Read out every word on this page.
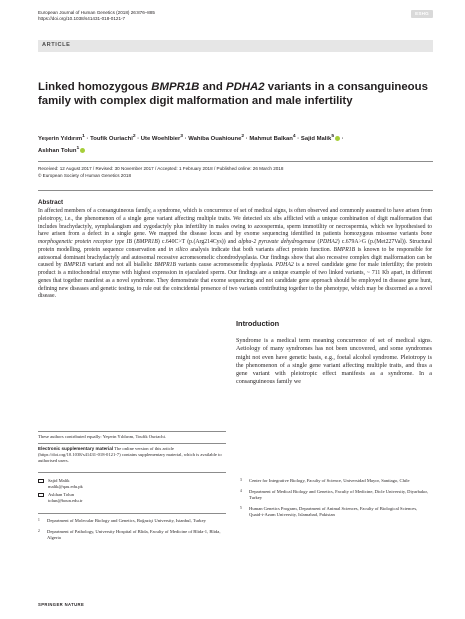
European Journal of Human Genetics (2018) 26:876–885
https://doi.org/10.1038/s41431-018-0121-7
ESHG
ARTICLE
Linked homozygous BMPR1B and PDHA2 variants in a consanguineous family with complex digit malformation and male infertility
Yeşerin Yıldırım$^1$ · Toufik Ouriachi$^2$ · Ute Woehlbier$^3$ · Wahiba Ouahioune$^2$ · Mahmut Balkan$^4$ · Sajid Malik$^5$ ·
Aslıhan Tolun$^1$
Received: 12 August 2017 / Revised: 30 November 2017 / Accepted: 1 February 2018 / Published online: 26 March 2018
© European Society of Human Genetics 2018
Abstract
In affected members of a consanguineous family, a syndrome, which is concurrence of set of medical signs, is often observed and commonly assumed to have arisen from pleiotropy, i.e., the phenomenon of a single gene variant affecting multiple traits. We detected six sibs afflicted with a unique combination of digit malformation that includes brachydactyly, symphalangism and zygodactyly plus infertility in males owing to azoospermia, sperm immotility or necrospermia, which we hypothesised to have arisen from a defect in a single gene. We mapped the disease locus and by exome sequencing identified in patients homozygous missense variants bone morphogenetic protein receptor type IB (BMPR1B) c.640C>T (p.(Arg214Cys)) and alpha-2 pyruvate dehydrogenase (PDHA2) c.679A>G (p.(Met227Val)). Structural protein modelling, protein sequence conservation and in silico analysis indicate that both variants affect protein function. BMPR1B is known to be responsible for autosomal dominant brachydactyly and autosomal recessive acromesomelic chondrodysplasia. Our findings show that also recessive complex digit malformation can be caused by BMPR1B variant and not all biallelic BMPR1B variants cause acromesomelic dysplasia. PDHA2 is a novel candidate gene for male infertility; the protein product is a mitochondrial enzyme with highest expression in ejaculated sperm. Our findings are a unique example of two linked variants, ~ 711 Kb apart, in different genes that together manifest as a novel syndrome. They demonstrate that exome sequencing and not candidate gene approach should be employed in disease gene hunt, defining new diseases and genetic testing, to rule out the coincidental presence of two variants contributing together to the phenotype, which may be discerned as a novel disease.
Introduction
Syndrome is a medical term meaning concurrence of set of medical signs. Aetiology of many syndromes has not been uncovered, and some syndromes might not even have genetic basis, e.g., foetal alcohol syndrome. Pleiotropy is the phenomenon of a single gene variant affecting multiple traits, and thus a gene variant with pleiotropic effect manifests as a syndrome. In a consanguineous family we
These authors contributed equally: Yeşerin Yıldırım, Toufik Ouriachi.
Electronic supplementary material The online version of this article (https://doi.org/10.1038/s41431-018-0121-7) contains supplementary material, which is available to authorised users.
Sajid Malik
malik@qau.edu.pk
Aslıhan Tolun
tolun@boun.edu.tr
1	Department of Molecular Biology and Genetics, Boğaziçi University, Istanbul, Turkey
2	Department of Pathology, University Hospital of Blida, Faculty of Medicine of Blida-1, Blida, Algeria
3	Center for Integrative Biology, Faculty of Science, Universidad Mayor, Santiago, Chile
4	Department of Medical Biology and Genetics, Faculty of Medicine, Dicle University, Diyarbakır, Turkey
5	Human Genetics Program, Department of Animal Sciences, Faculty of Biological Sciences, Quaid-i-Azam University, Islamabad, Pakistan
SPRINGER NATURE
